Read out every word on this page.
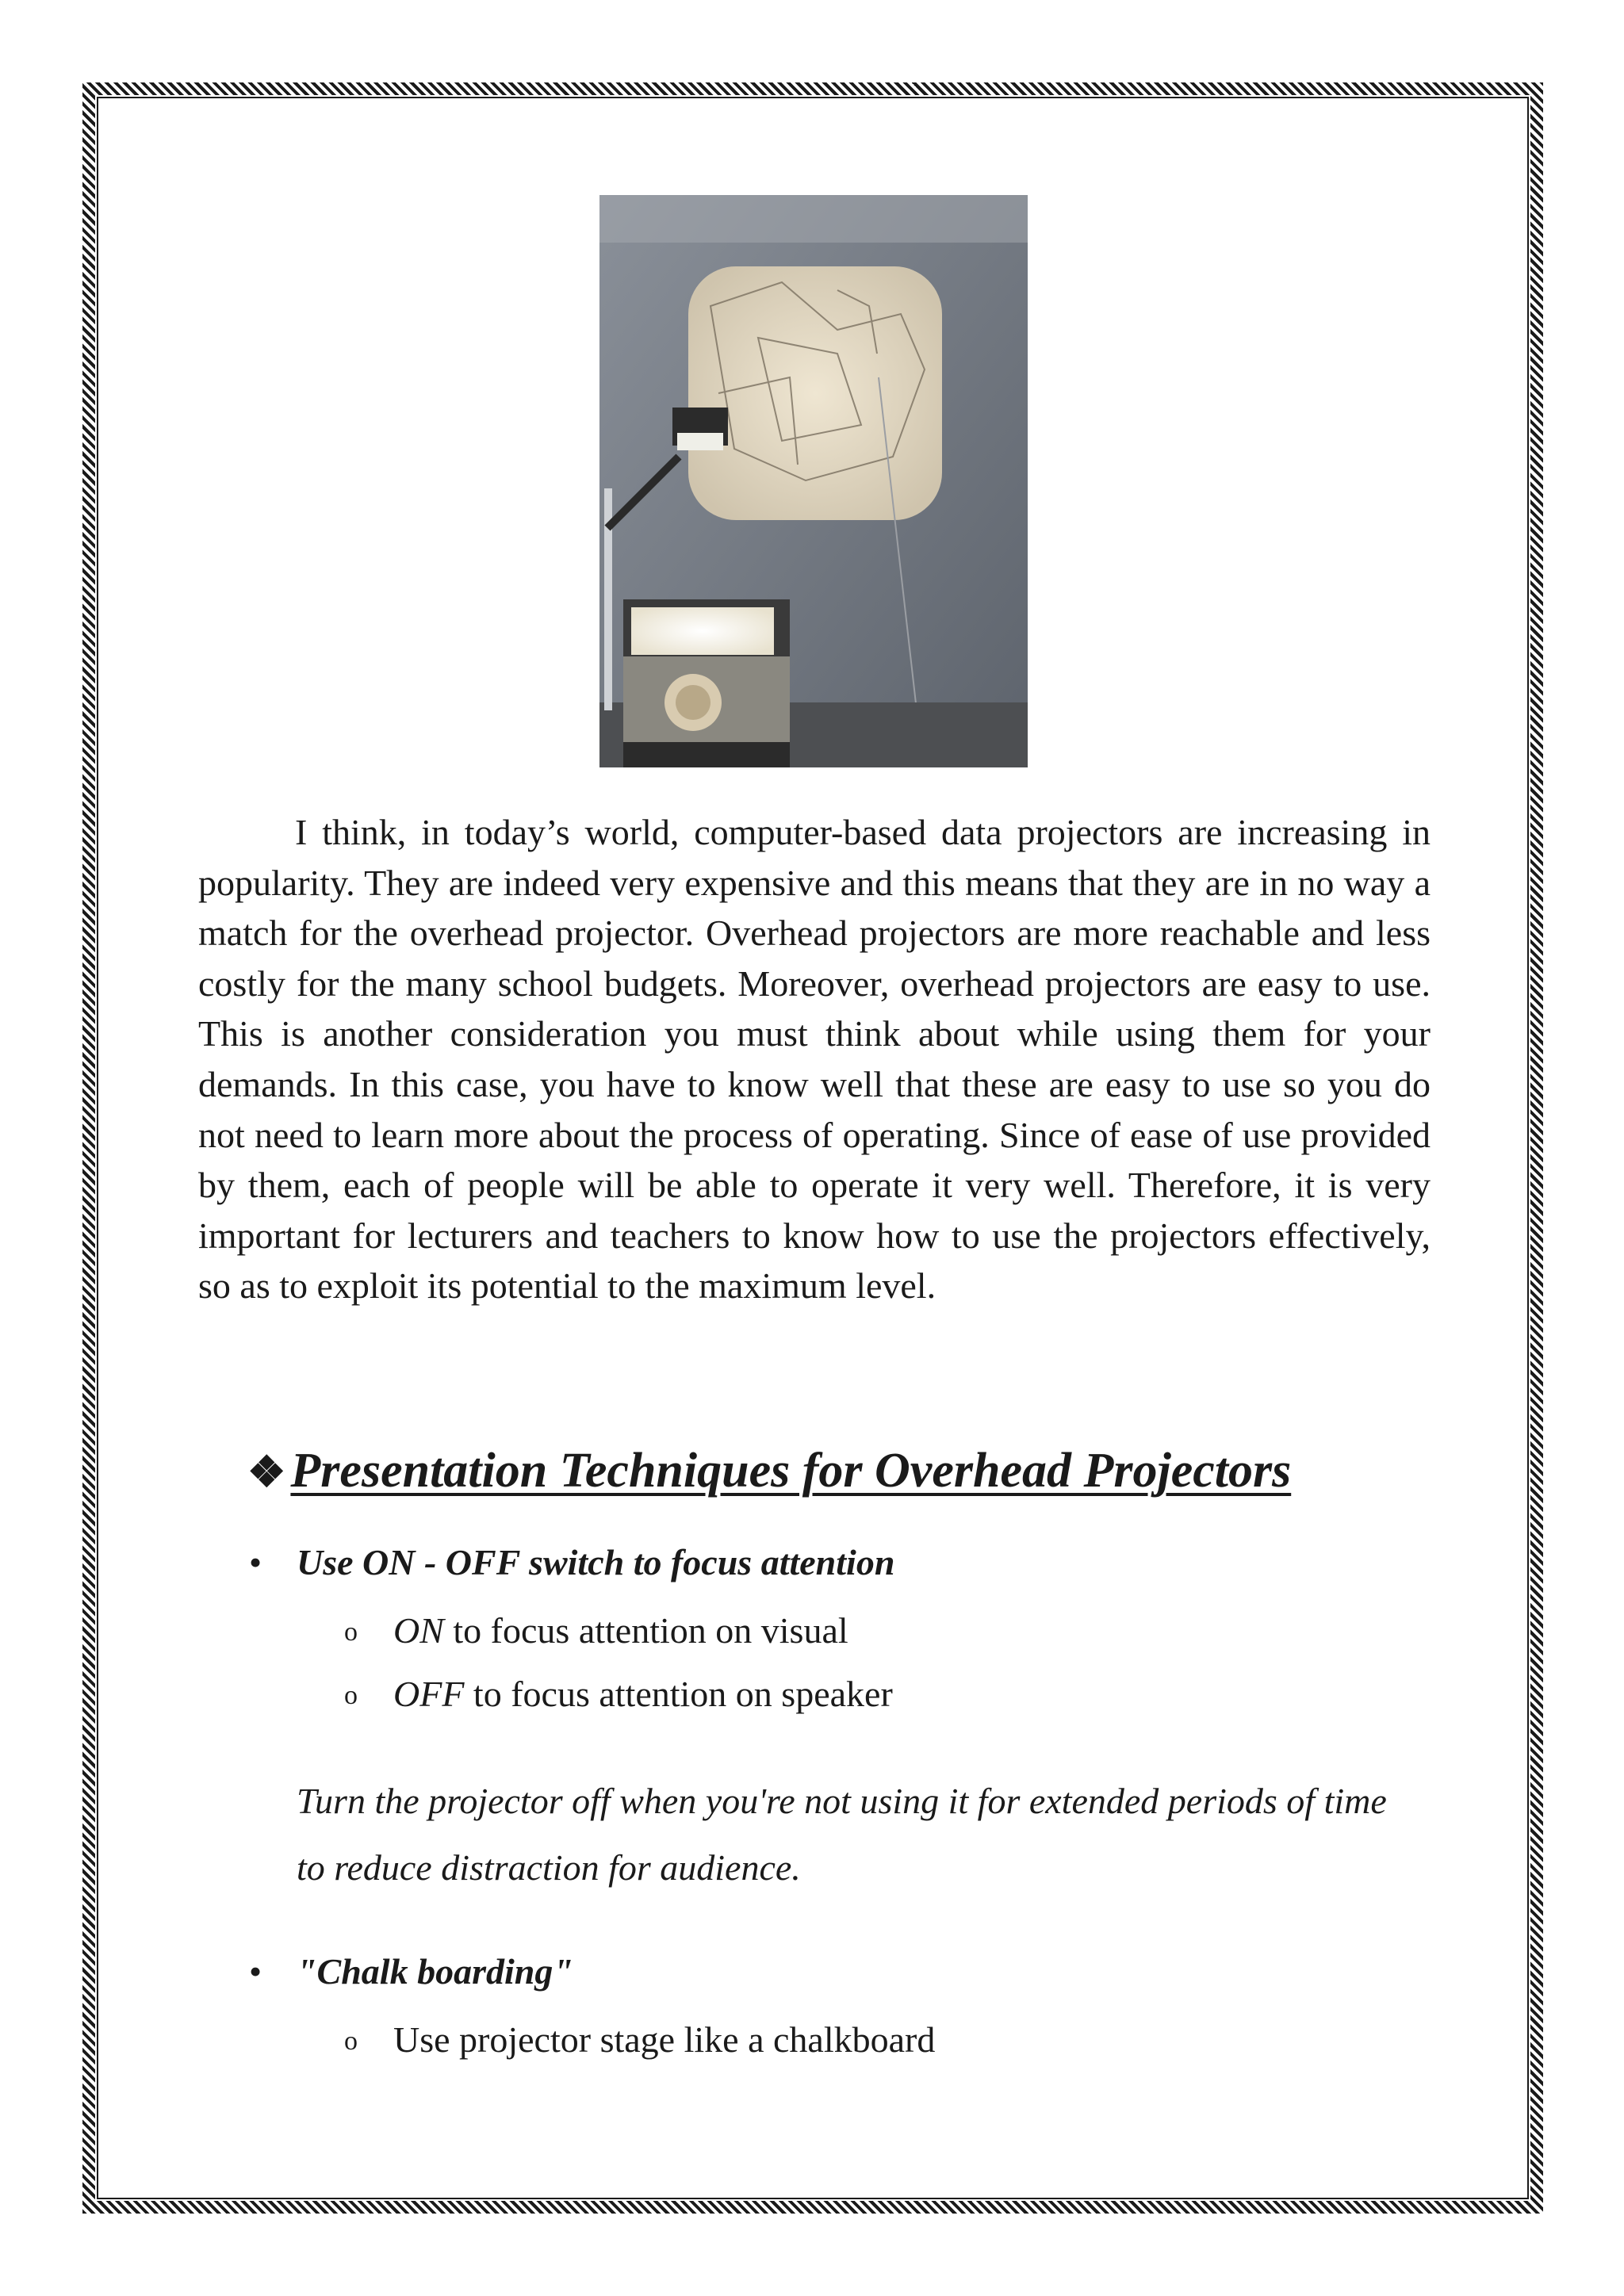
I think, in today’s world, computer-based data projectors are increasing in popularity. They are indeed very expensive and this means that they are in no way a match for the overhead projector. Overhead projectors are more reachable and less costly for the many school budgets. Moreover, overhead projectors are easy to use. This is another consideration you must think about while using them for your demands. In this case, you have to know well that these are easy to use so you do not need to learn more about the process of operating. Since of ease of use provided by them, each of people will be able to operate it very well. Therefore, it is very important for lecturers and teachers to know how to use the projectors effectively, so as to exploit its potential to the maximum level.

❖ Presentation Techniques for Overhead Projectors
• Use ON - OFF switch to focus attention
o ON to focus attention on visual
o OFF to focus attention on speaker

Turn the projector off when you're not using it for extended periods of time to reduce distraction for audience.

• "Chalk boarding"
o Use projector stage like a chalkboard
